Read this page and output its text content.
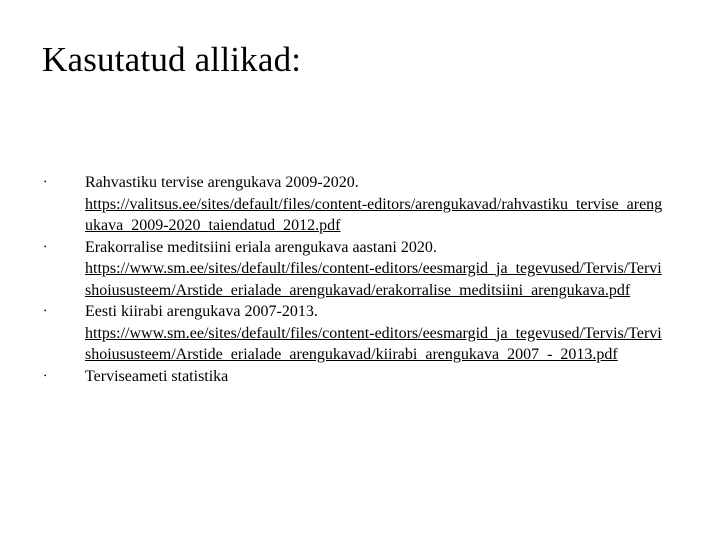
Kasutatud allikad:
• Rahvastiku tervise arengukava 2009-2020.
https://valitsus.ee/sites/default/files/content-editors/arengukavad/rahvastiku_tervise_arengukava_2009-2020_taiendatud_2012.pdf
• Erakorralise meditsiini eriala arengukava aastani 2020.
https://www.sm.ee/sites/default/files/content-editors/eesmargid_ja_tegevused/Tervis/Tervishoiususteem/Arstide_erialade_arengukavad/erakorralise_meditsiini_arengukava.pdf
• Eesti kiirabi arengukava 2007-2013.
https://www.sm.ee/sites/default/files/content-editors/eesmargid_ja_tegevused/Tervis/Tervishoiususteem/Arstide_erialade_arengukavad/kiirabi_arengukava_2007_-_2013.pdf
• Terviseameti statistika
